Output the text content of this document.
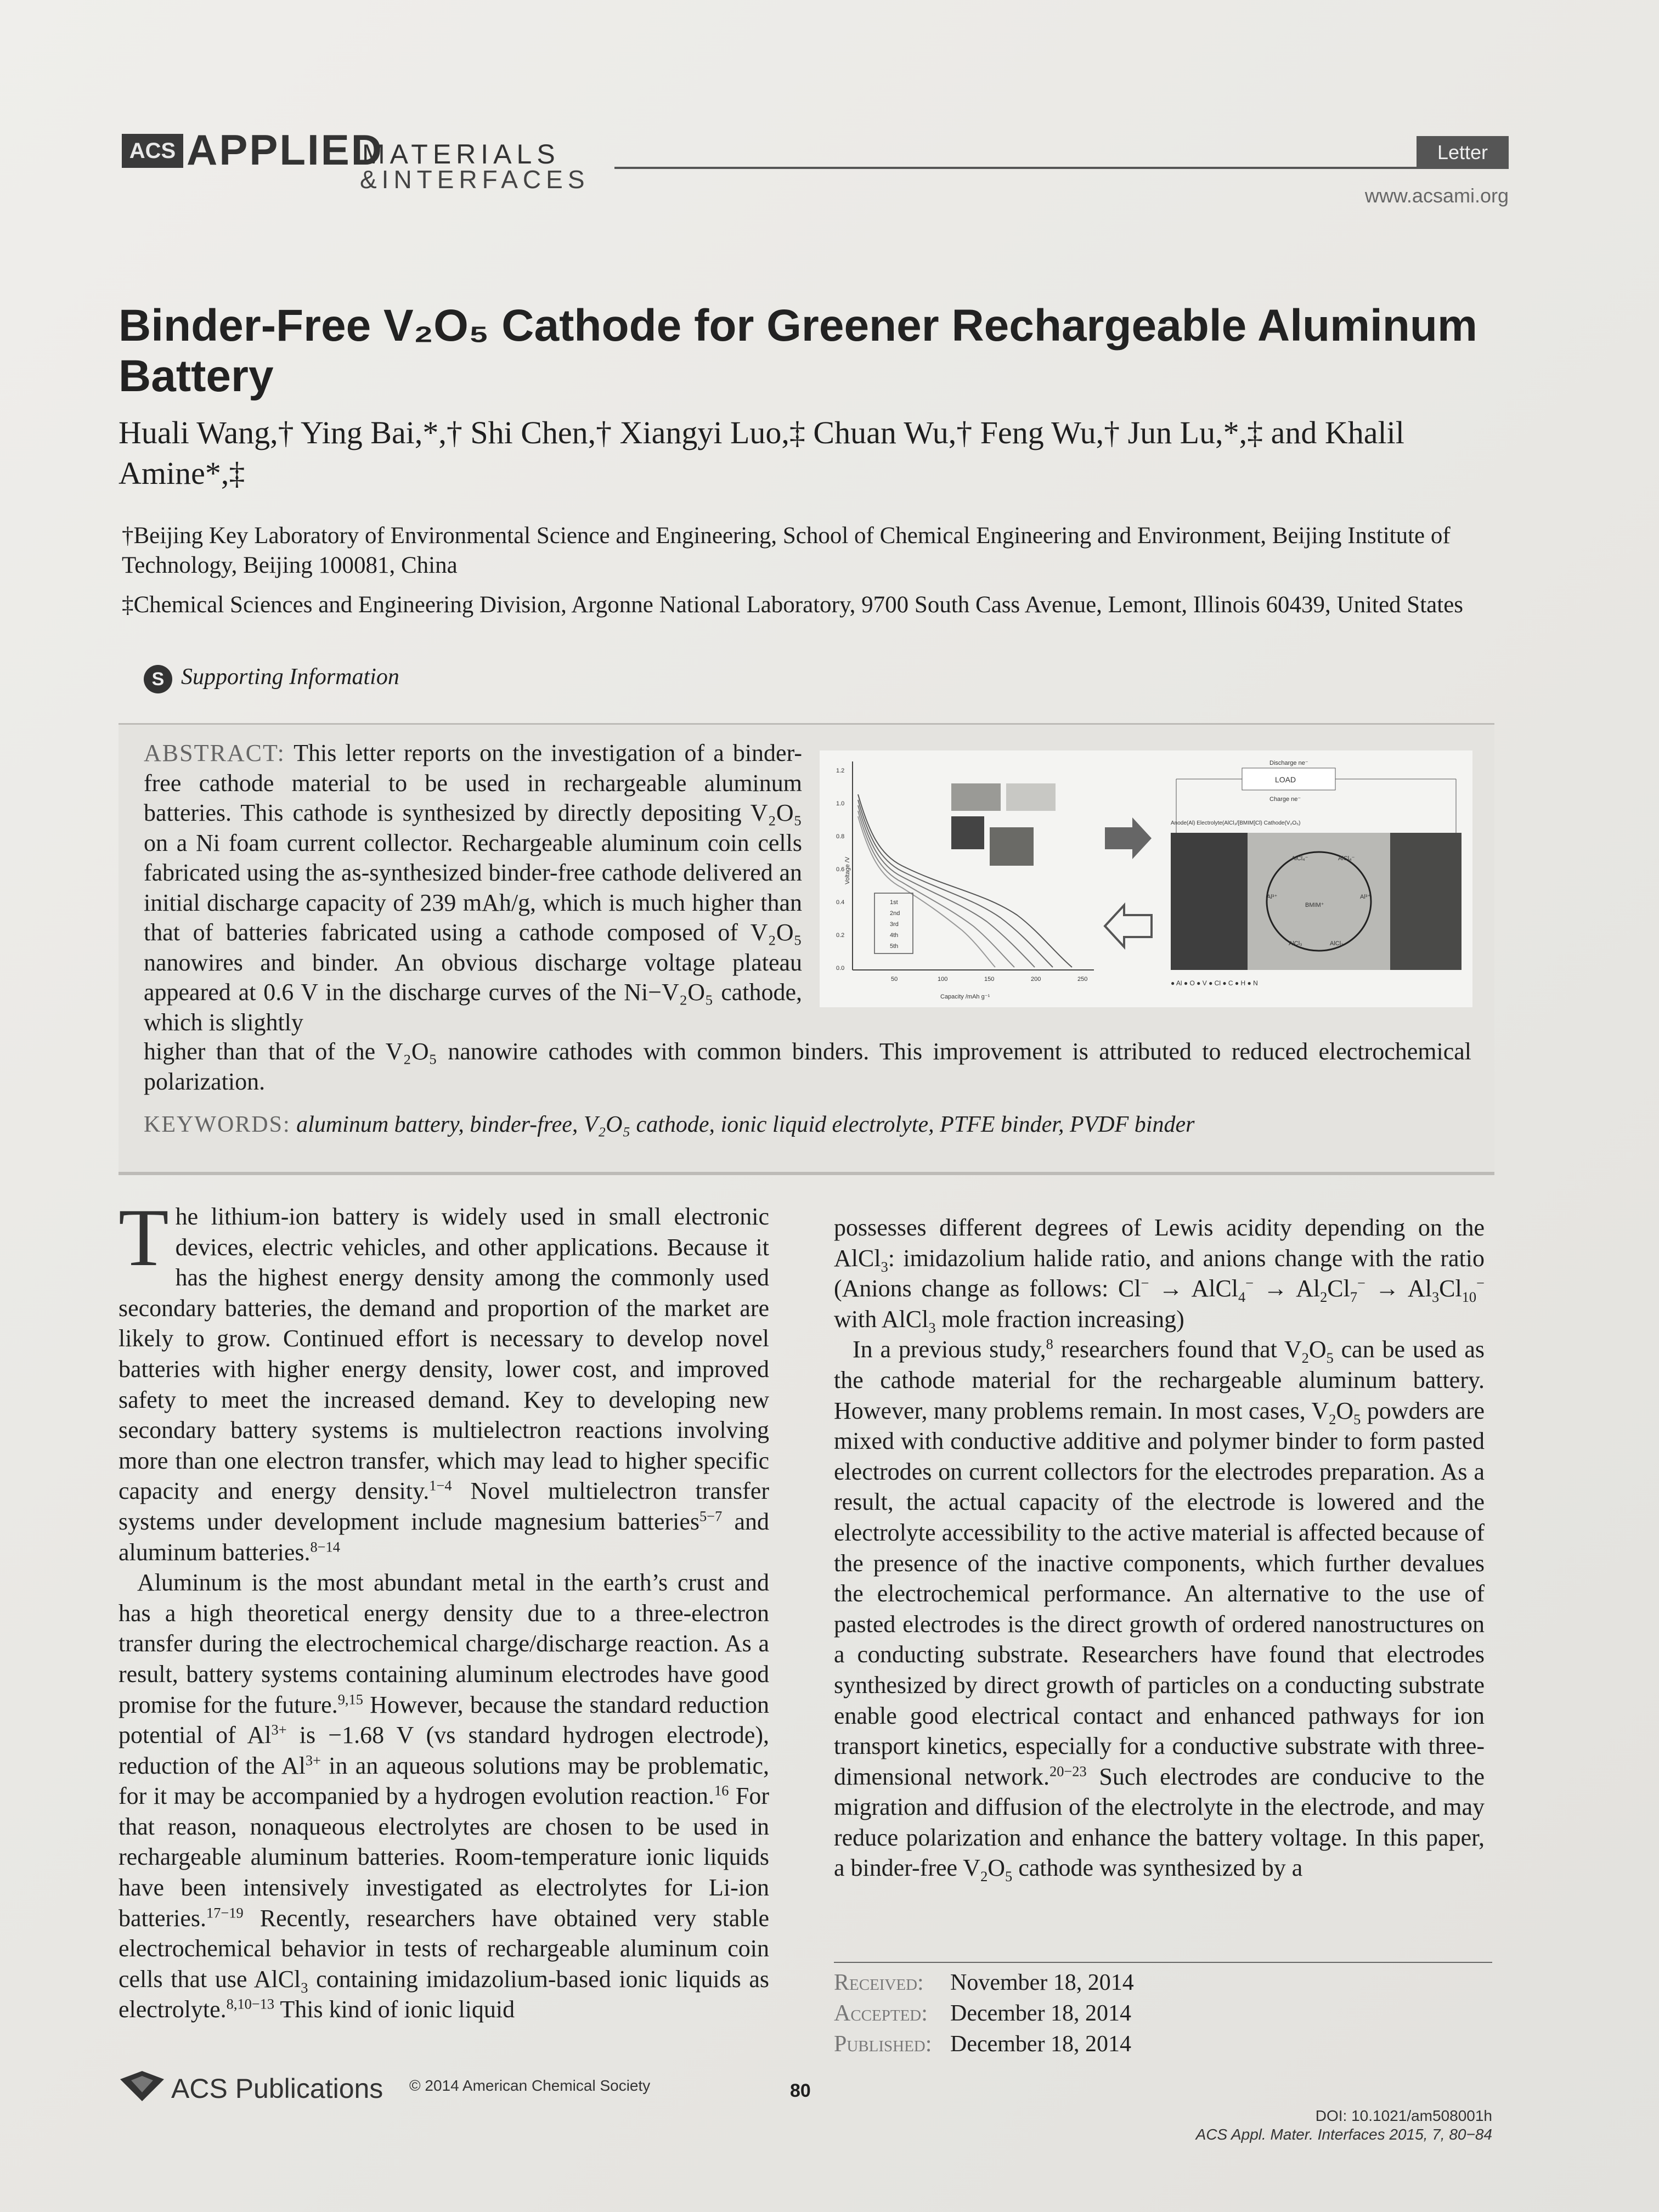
ACS APPLIED
MATERIALS
&INTERFACES
Letter
www.acsami.org
Binder-Free V₂O₅ Cathode for Greener Rechargeable Aluminum Battery
Huali Wang,† Ying Bai,*,† Shi Chen,† Xiangyi Luo,‡ Chuan Wu,† Feng Wu,† Jun Lu,*,‡ and Khalil Amine*,‡
†Beijing Key Laboratory of Environmental Science and Engineering, School of Chemical Engineering and Environment, Beijing Institute of Technology, Beijing 100081, China
‡Chemical Sciences and Engineering Division, Argonne National Laboratory, 9700 South Cass Avenue, Lemont, Illinois 60439, United States
S Supporting Information
ABSTRACT: This letter reports on the investigation of a binder-free cathode material to be used in rechargeable aluminum batteries. This cathode is synthesized by directly depositing V₂O₅ on a Ni foam current collector. Rechargeable aluminum coin cells fabricated using the as-synthesized binder-free cathode delivered an initial discharge capacity of 239 mAh/g, which is much higher than that of batteries fabricated using a cathode composed of V₂O₅ nanowires and binder. An obvious discharge voltage plateau appeared at 0.6 V in the discharge curves of the Ni−V₂O₅ cathode, which is slightly
higher than that of the V₂O₅ nanowire cathodes with common binders. This improvement is attributed to reduced electrochemical polarization.
KEYWORDS: aluminum battery, binder-free, V₂O₅ cathode, ionic liquid electrolyte, PTFE binder, PVDF binder
Voltage /V
Capacity /mAh g⁻¹
1.2
1.0
0.8
0.6
0.4
0.2
0.0
50	100	150	200	250
1st
2nd
3rd
4th
5th
Discharge ne⁻
LOAD
Charge ne⁻
Anode(Al) Electrolyte(AlCl₃/[BMIM]Cl) Cathode(V₂O₅)
AlCl₄⁻	AlCl₄⁻
BMIM⁺
Al³⁺	Al³⁺
AlCl₃	AlCl₃
● Al ● O ● V ● Cl ● C ● H ● N

The lithium-ion battery is widely used in small electronic devices, electric vehicles, and other applications. Because it has the highest energy density among the commonly used secondary batteries, the demand and proportion of the market are likely to grow. Continued effort is necessary to develop novel batteries with higher energy density, lower cost, and improved safety to meet the increased demand. Key to developing new secondary battery systems is multielectron reactions involving more than one electron transfer, which may lead to higher specific capacity and energy density.$^{1-4}$ Novel multielectron transfer systems under development include magnesium batteries$^{5-7}$ and aluminum batteries.$^{8-14}$

Aluminum is the most abundant metal in the earth’s crust and has a high theoretical energy density due to a three-electron transfer during the electrochemical charge/discharge reaction. As a result, battery systems containing aluminum electrodes have good promise for the future.$^{9,15}$ However, because the standard reduction potential of $Al^{3+}$ is −1.68 V (vs standard hydrogen electrode), reduction of the $Al^{3+}$ in an aqueous solutions may be problematic, for it may be accompanied by a hydrogen evolution reaction.$^{16}$ For that reason, nonaqueous electrolytes are chosen to be used in rechargeable aluminum batteries. Room-temperature ionic liquids have been intensively investigated as electrolytes for Li-ion batteries.$^{17-19}$ Recently, researchers have obtained very stable electrochemical behavior in tests of rechargeable aluminum coin cells that use AlCl$_3$ containing imidazolium-based ionic liquids as electrolyte.$^{8,10-13}$ This kind of ionic liquid

possesses different degrees of Lewis acidity depending on the AlCl$_3$: imidazolium halide ratio, and anions change with the ratio (Anions change as follows: Cl− → AlCl$_4$− → $Al_2Cl_7^- \to Al_3Cl_{10}^-$ with AlCl$_3$ mole fraction increasing)

In a previous study,$^8$ researchers found that $V_2O_5$ can be used as the cathode material for the rechargeable aluminum battery. However, many problems remain. In most cases, $V_2O_5$ powders are mixed with conductive additive and polymer binder to form pasted electrodes on current collectors for the electrodes preparation. As a result, the actual capacity of the electrode is lowered and the electrolyte accessibility to the active material is affected because of the presence of the inactive components, which further devalues the electrochemical performance. An alternative to the use of pasted electrodes is the direct growth of ordered nanostructures on a conducting substrate. Researchers have found that electrodes synthesized by direct growth of particles on a conducting substrate enable good electrical contact and enhanced pathways for ion transport kinetics, especially for a conductive substrate with three-dimensional network.$^{20-23}$ Such electrodes are conducive to the migration and diffusion of the electrolyte in the electrode, and may reduce polarization and enhance the battery voltage. In this paper, a binder-free $V_2O_5$ cathode was synthesized by a

Received: November 18, 2014
Accepted: December 18, 2014
Published: December 18, 2014
ACS Publications © 2014 American Chemical Society	80
DOI: 10.1021/am508001h
ACS Appl. Mater. Interfaces 2015, 7, 80−84
